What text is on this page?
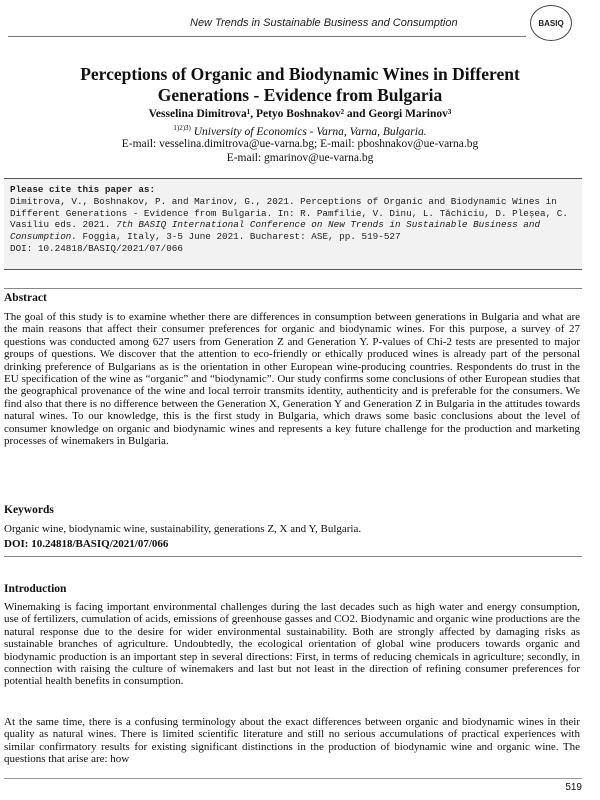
New Trends in Sustainable Business and Consumption	BASIQ
Perceptions of Organic and Biodynamic Wines in Different
Generations - Evidence from Bulgaria
Vesselina Dimitrova¹, Petyo Boshnakov² and Georgi Marinov³
$^{1)2)3)}$ University of Economics - Varna, Varna, Bulgaria.
E-mail: vesselina.dimitrova@ue-varna.bg; E-mail: pboshnakov@ue-varna.bg
E-mail: gmarinov@ue-varna.bg
Please cite this paper as:
Dimitrova, V., Boshnakov, P. and Marinov, G., 2021. Perceptions of Organic and Biodynamic Wines in Different Generations - Evidence from Bulgaria. In: R. Pamfilie, V. Dinu, L. Tăchiciu, D. Pleșea, C. Vasiliu eds. 2021. 7th BASIQ International Conference on New Trends in Sustainable Business and Consumption. Foggia, Italy, 3-5 June 2021. Bucharest: ASE, pp. 519-527
DOI: 10.24818/BASIQ/2021/07/066
Abstract
The goal of this study is to examine whether there are differences in consumption between generations in Bulgaria and what are the main reasons that affect their consumer preferences for organic and biodynamic wines. For this purpose, a survey of 27 questions was conducted among 627 users from Generation Z and Generation Y. P-values of Chi-2 tests are presented to major groups of questions. We discover that the attention to eco-friendly or ethically produced wines is already part of the personal drinking preference of Bulgarians as is the orientation in other European wine-producing countries. Respondents do trust in the EU specification of the wine as “organic” and “biodynamic”. Our study confirms some conclusions of other European studies that the geographical provenance of the wine and local terroir transmits identity, authenticity and is preferable for the consumers. We find also that there is no difference between the Generation X, Generation Y and Generation Z in Bulgaria in the attitudes towards natural wines. To our knowledge, this is the first study in Bulgaria, which draws some basic conclusions about the level of consumer knowledge on organic and biodynamic wines and represents a key future challenge for the production and marketing processes of winemakers in Bulgaria.
Keywords
Organic wine, biodynamic wine, sustainability, generations Z, X and Y, Bulgaria.
DOI: 10.24818/BASIQ/2021/07/066
Introduction
Winemaking is facing important environmental challenges during the last decades such as high water and energy consumption, use of fertilizers, cumulation of acids, emissions of greenhouse gasses and CO2. Biodynamic and organic wine productions are the natural response due to the desire for wider environmental sustainability. Both are strongly affected by damaging risks as sustainable branches of agriculture. Undoubtedly, the ecological orientation of global wine producers towards organic and biodynamic production is an important step in several directions: First, in terms of reducing chemicals in agriculture; secondly, in connection with raising the culture of winemakers and last but not least in the direction of refining consumer preferences for potential health benefits in consumption.
At the same time, there is a confusing terminology about the exact differences between organic and biodynamic wines in their quality as natural wines. There is limited scientific literature and still no serious accumulations of practical experiences with similar confirmatory results for existing significant distinctions in the production of biodynamic wine and organic wine. The questions that arise are: how
519
